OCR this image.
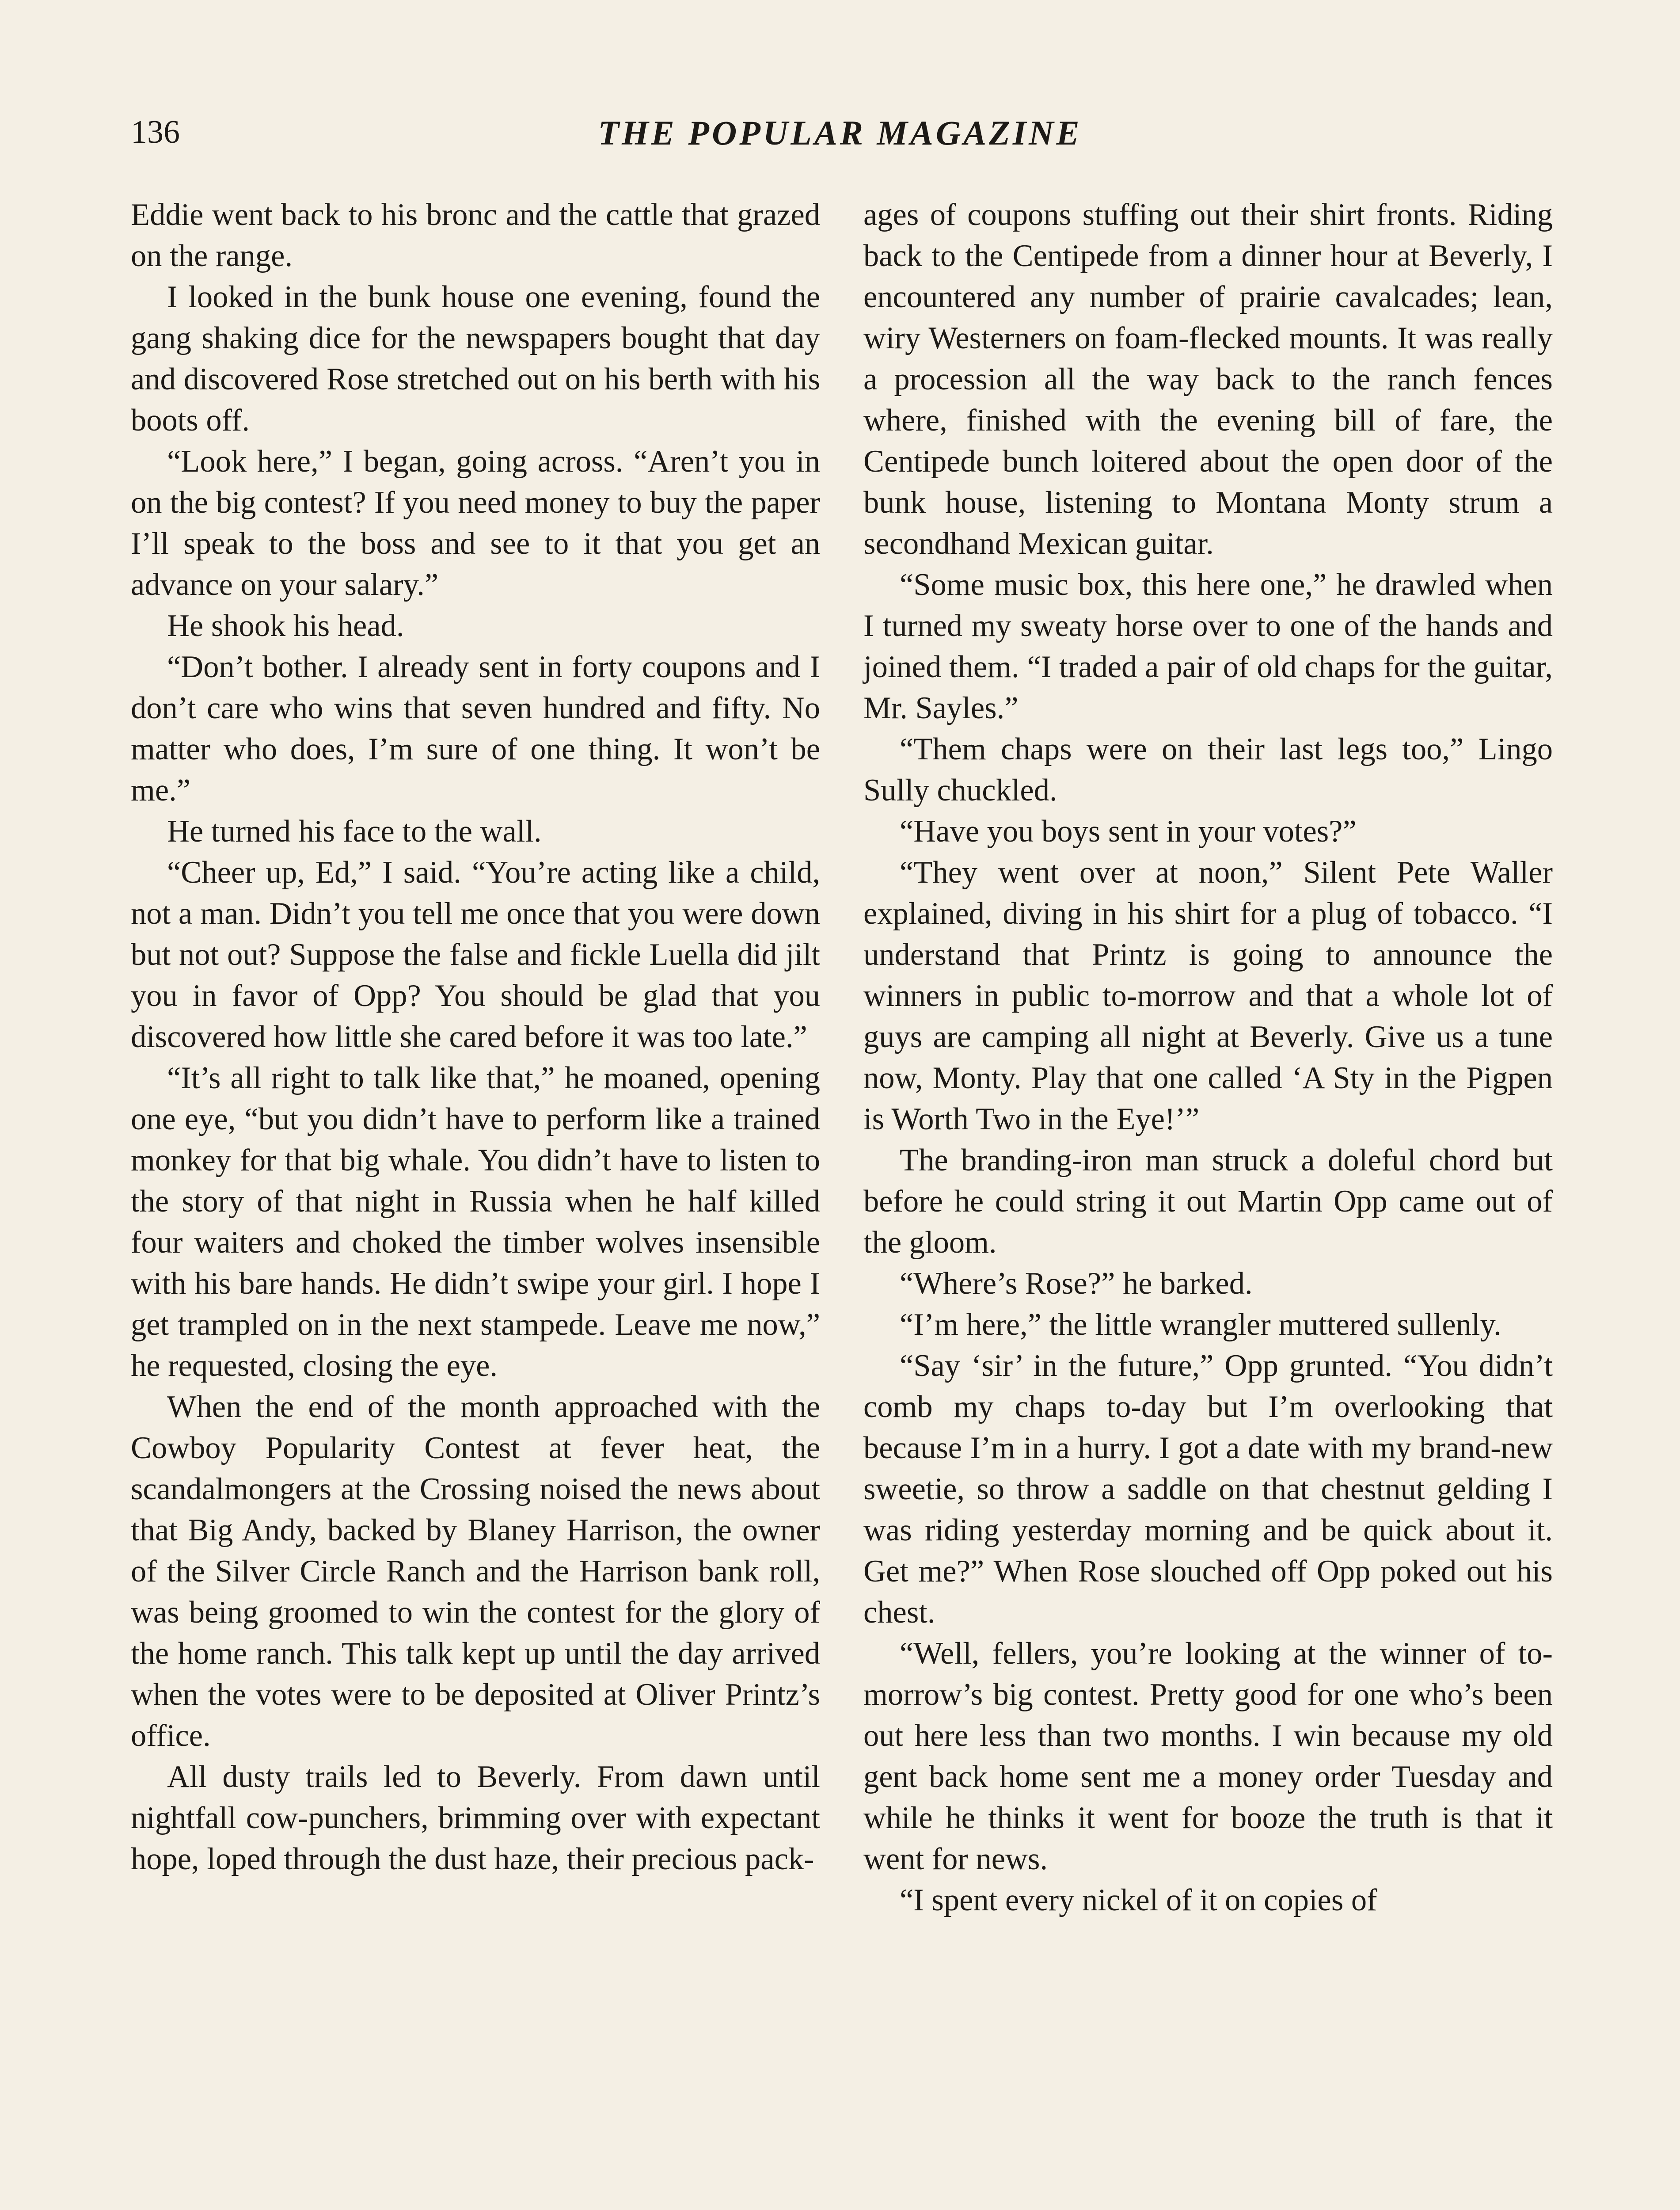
136	THE POPULAR MAGAZINE

Eddie went back to his bronc and the cattle that grazed on the range.

I looked in the bunk house one evening, found the gang shaking dice for the newspapers bought that day and discovered Rose stretched out on his berth with his boots off.

“Look here,” I began, going across. “Aren’t you in on the big contest? If you need money to buy the paper I’ll speak to the boss and see to it that you get an advance on your salary.”

He shook his head.

“Don’t bother. I already sent in forty coupons and I don’t care who wins that seven hundred and fifty. No matter who does, I’m sure of one thing. It won’t be me.”

He turned his face to the wall.

“Cheer up, Ed,” I said. “You’re acting like a child, not a man. Didn’t you tell me once that you were down but not out? Suppose the false and fickle Luella did jilt you in favor of Opp? You should be glad that you discovered how little she cared before it was too late.”

“It’s all right to talk like that,” he moaned, opening one eye, “but you didn’t have to perform like a trained monkey for that big whale. You didn’t have to listen to the story of that night in Russia when he half killed four waiters and choked the timber wolves insensible with his bare hands. He didn’t swipe your girl. I hope I get trampled on in the next stampede. Leave me now,” he requested, closing the eye.

When the end of the month approached with the Cowboy Popularity Contest at fever heat, the scandalmongers at the Crossing noised the news about that Big Andy, backed by Blaney Harrison, the owner of the Silver Circle Ranch and the Harrison bank roll, was being groomed to win the contest for the glory of the home ranch. This talk kept up until the day arrived when the votes were to be deposited at Oliver Printz’s office.

All dusty trails led to Beverly. From dawn until nightfall cow-punchers, brimming over with expectant hope, loped through the dust haze, their precious pack-

ages of coupons stuffing out their shirt fronts. Riding back to the Centipede from a dinner hour at Beverly, I encountered any number of prairie cavalcades; lean, wiry Westerners on foam-flecked mounts. It was really a procession all the way back to the ranch fences where, finished with the evening bill of fare, the Centipede bunch loitered about the open door of the bunk house, listening to Montana Monty strum a secondhand Mexican guitar.

“Some music box, this here one,” he drawled when I turned my sweaty horse over to one of the hands and joined them. “I traded a pair of old chaps for the guitar, Mr. Sayles.”

“Them chaps were on their last legs too,” Lingo Sully chuckled.

“Have you boys sent in your votes?”

“They went over at noon,” Silent Pete Waller explained, diving in his shirt for a plug of tobacco. “I understand that Printz is going to announce the winners in public to-morrow and that a whole lot of guys are camping all night at Beverly. Give us a tune now, Monty. Play that one called ‘A Sty in the Pigpen is Worth Two in the Eye!’”

The branding-iron man struck a doleful chord but before he could string it out Martin Opp came out of the gloom.

“Where’s Rose?” he barked.

“I’m here,” the little wrangler muttered sullenly.

“Say ‘sir’ in the future,” Opp grunted. “You didn’t comb my chaps to-day but I’m overlooking that because I’m in a hurry. I got a date with my brand-new sweetie, so throw a saddle on that chestnut gelding I was riding yesterday morning and be quick about it. Get me?” When Rose slouched off Opp poked out his chest.

“Well, fellers, you’re looking at the winner of to-morrow’s big contest. Pretty good for one who’s been out here less than two months. I win because my old gent back home sent me a money order Tuesday and while he thinks it went for booze the truth is that it went for news.

“I spent every nickel of it on copies of
